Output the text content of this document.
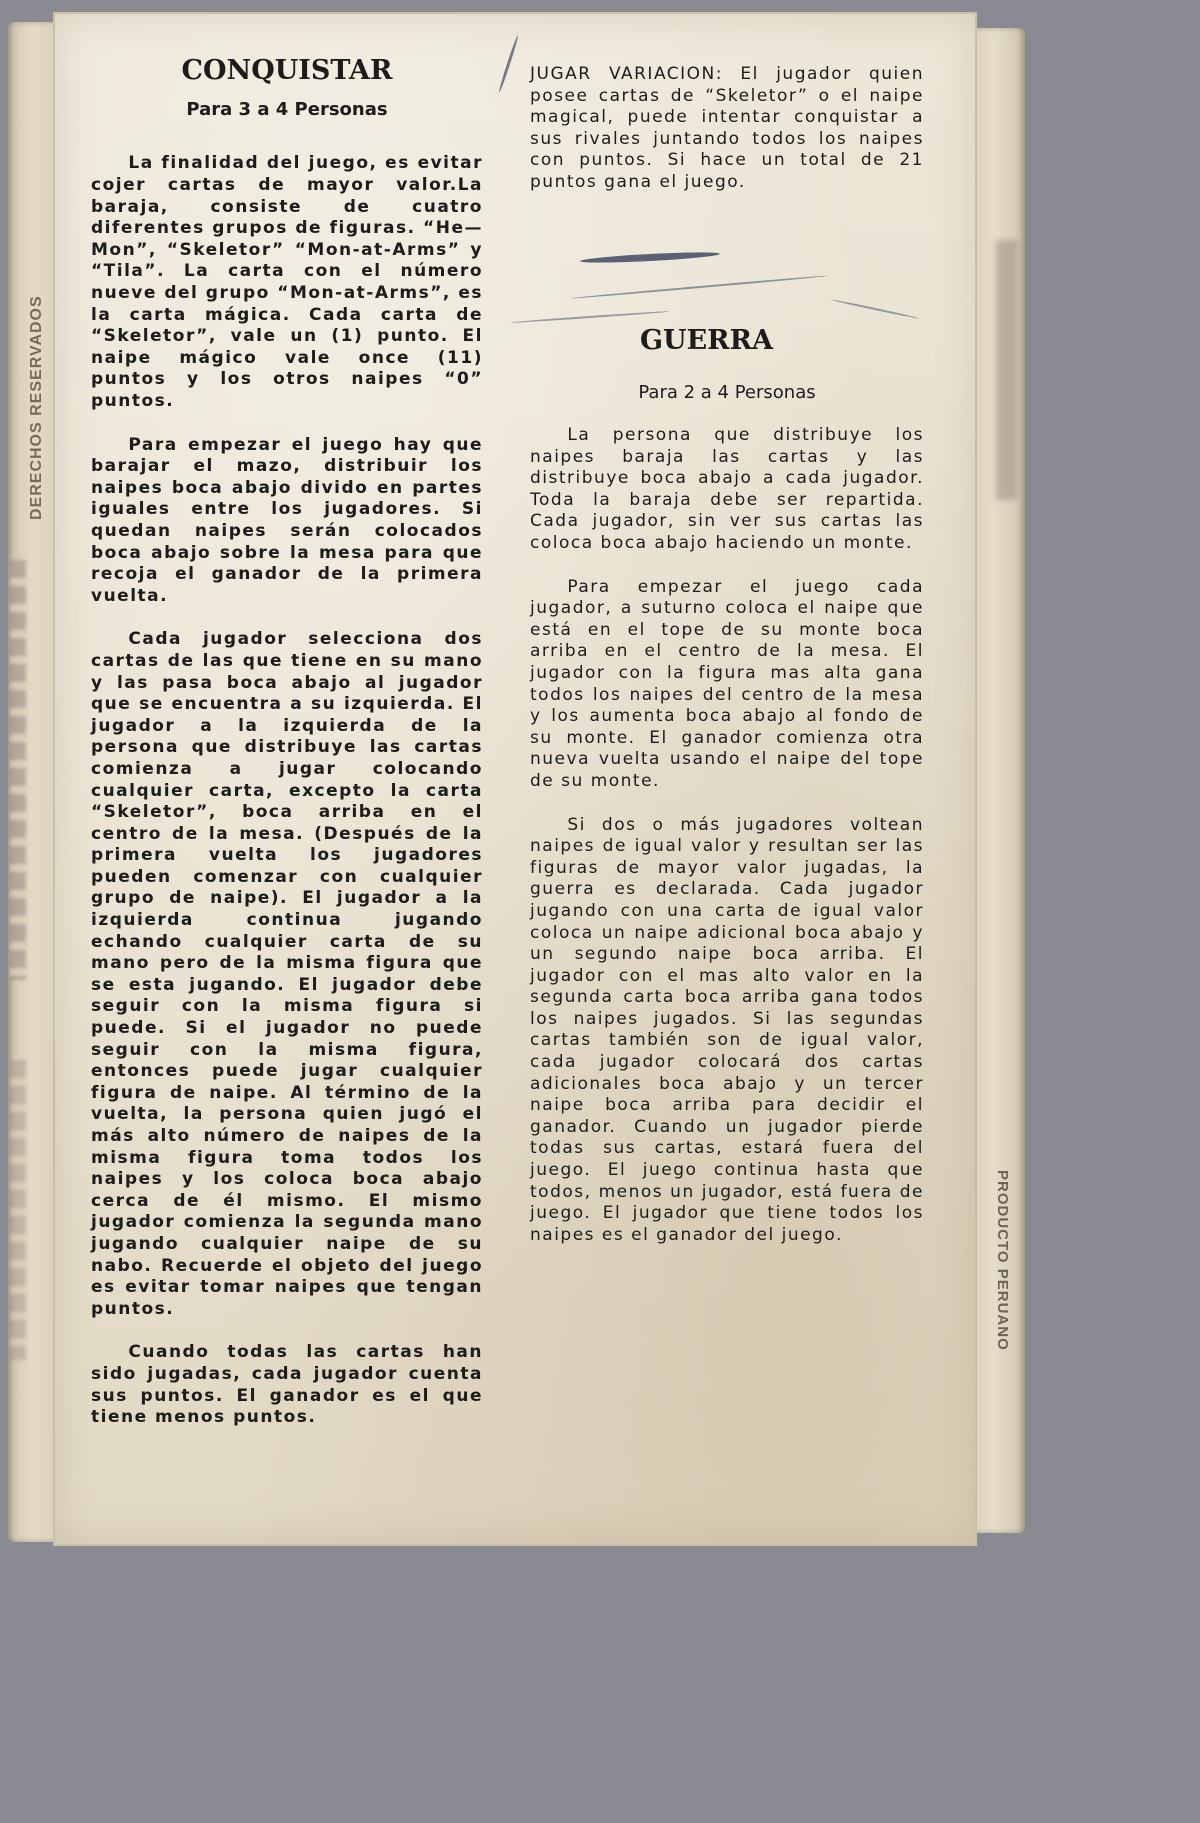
DERECHOS RESERVADOS
PRODUCTO PERUANO
CONQUISTAR
Para 3 a 4 Personas

La finalidad del juego, es evitar cojer cartas de mayor valor.La baraja, consiste de cuatro diferentes grupos de figuras. “He—Mon”, “Skeletor” “Mon-at-Arms” y “Tila”. La carta con el número nueve del grupo “Mon-at-Arms”, es la carta mágica. Cada carta de “Skeletor”, vale un (1) punto. El naipe mágico vale once (11) puntos y los otros naipes “0” puntos.

Para empezar el juego hay que barajar el mazo, distribuir los naipes boca abajo divido en partes iguales entre los jugadores. Si quedan naipes serán colocados boca abajo sobre la mesa para que recoja el ganador de la primera vuelta.

Cada jugador selecciona dos cartas de las que tiene en su mano y las pasa boca abajo al jugador que se encuentra a su izquierda. El jugador a la izquierda de la persona que distribuye las cartas comienza a jugar colocando cualquier carta, excepto la carta “Skeletor”, boca arriba en el centro de la mesa. (Después de la primera vuelta los jugadores pueden comenzar con cualquier grupo de naipe). El jugador a la izquierda continua jugando echando cualquier carta de su mano pero de la misma figura que se esta jugando. El jugador debe seguir con la misma figura si puede. Si el jugador no puede seguir con la misma figura, entonces puede jugar cualquier figura de naipe. Al término de la vuelta, la persona quien jugó el más alto número de naipes de la misma figura toma todos los naipes y los coloca boca abajo cerca de él mismo. El mismo jugador comienza la segunda mano jugando cualquier naipe de su nabo. Recuerde el objeto del juego es evitar tomar naipes que tengan puntos.

Cuando todas las cartas han sido jugadas, cada jugador cuenta sus puntos. El ganador es el que tiene menos puntos.

JUGAR VARIACION: El jugador quien posee cartas de “Skeletor” o el naipe magical, puede intentar conquistar a sus rivales juntando todos los naipes con puntos. Si hace un total de 21 puntos gana el juego.

GUERRA
Para 2 a 4 Personas

La persona que distribuye los naipes baraja las cartas y las distribuye boca abajo a cada jugador. Toda la baraja debe ser repartida. Cada jugador, sin ver sus cartas las coloca boca abajo haciendo un monte.

Para empezar el juego cada jugador, a suturno coloca el naipe que está en el tope de su monte boca arriba en el centro de la mesa. El jugador con la figura mas alta gana todos los naipes del centro de la mesa y los aumenta boca abajo al fondo de su monte. El ganador comienza otra nueva vuelta usando el naipe del tope de su monte.

Si dos o más jugadores voltean naipes de igual valor y resultan ser las figuras de mayor valor jugadas, la guerra es declarada. Cada jugador jugando con una carta de igual valor coloca un naipe adicional boca abajo y un segundo naipe boca arriba. El jugador con el mas alto valor en la segunda carta boca arriba gana todos los naipes jugados. Si las segundas cartas también son de igual valor, cada jugador colocará dos cartas adicionales boca abajo y un tercer naipe boca arriba para decidir el ganador. Cuando un jugador pierde todas sus cartas, estará fuera del juego. El juego continua hasta que todos, menos un jugador, está fuera de juego. El jugador que tiene todos los naipes es el ganador del juego.
